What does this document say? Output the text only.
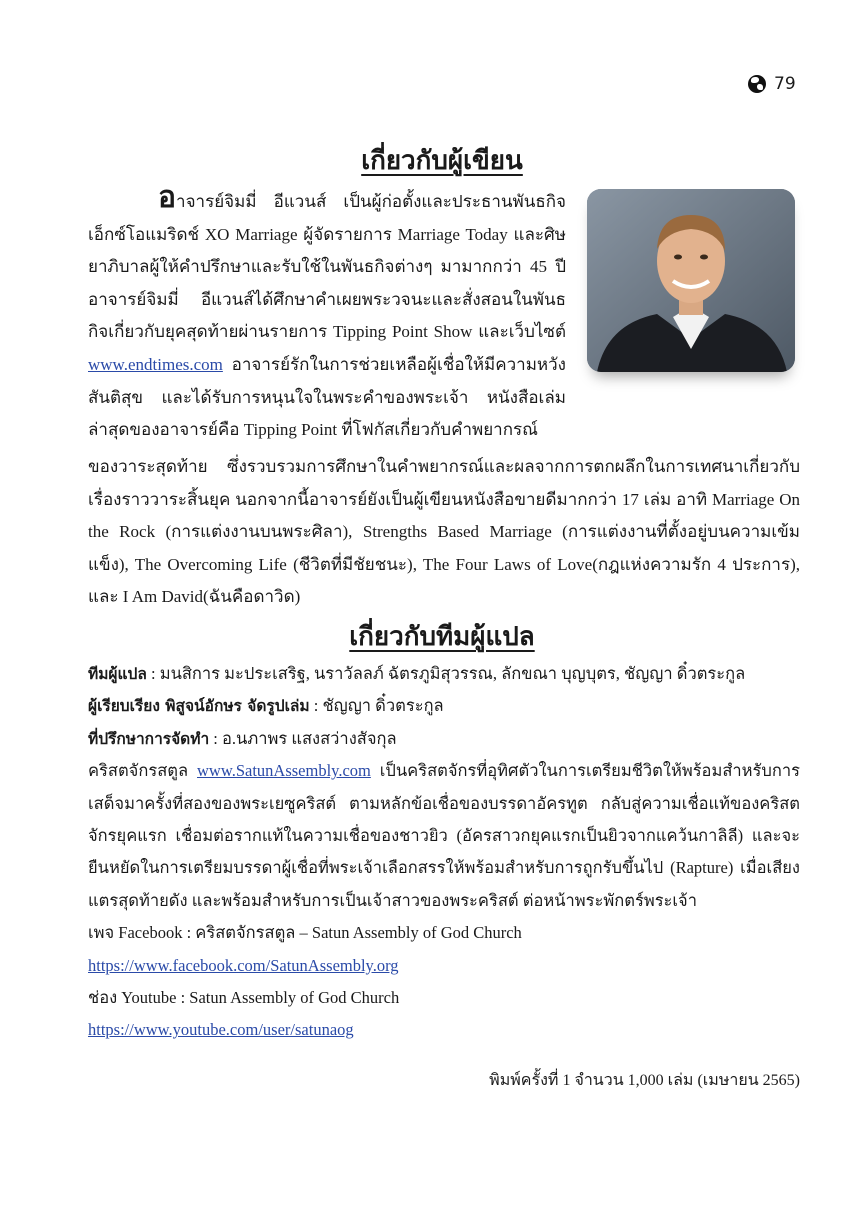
79
เกี่ยวกับผู้เขียน

อาจารย์จิมมี่ อีแวนส์ เป็นผู้ก่อตั้งและประธานพันธกิจเอ็กซ์โอแมริดช์ XO Marriage ผู้จัดรายการ Marriage Today และศิษยาภิบาลผู้ให้คำปรึกษาและรับใช้ในพันธกิจต่างๆ มามากกว่า 45 ปี อาจารย์จิมมี่ อีแวนส์ได้ศึกษาคำเผยพระวจนะและสั่งสอนในพันธกิจเกี่ยวกับยุคสุดท้ายผ่านรายการ Tipping Point Show และเว็บไซต์ www.endtimes.com อาจารย์รักในการช่วยเหลือผู้เชื่อให้มีความหวัง สันติสุข และได้รับการหนุนใจในพระคำของพระเจ้า หนังสือเล่มล่าสุดของอาจารย์คือ Tipping Point ที่โฟกัสเกี่ยวกับคำพยากรณ์

ของวาระสุดท้าย ซึ่งรวบรวมการศึกษาในคำพยากรณ์และผลจากการตกผลึกในการเทศนาเกี่ยวกับเรื่องราววาระสิ้นยุค นอกจากนี้อาจารย์ยังเป็นผู้เขียนหนังสือขายดีมากกว่า 17 เล่ม อาทิ Marriage On the Rock (การแต่งงานบนพระศิลา), Strengths Based Marriage (การแต่งงานที่ตั้งอยู่บนความเข้มแข็ง), The Overcoming Life (ชีวิตที่มีชัยชนะ), The Four Laws of Love(กฎแห่งความรัก 4 ประการ), และ I Am David(ฉันคือดาวิด)

เกี่ยวกับทีมผู้แปล

ทีมผู้แปล : มนสิการ มะประเสริฐ, นราวัลลภ์ ฉัตรภูมิสุวรรณ, ลักขณา บุญบุตร, ชัญญา ดิ๋วตระกูล

ผู้เรียบเรียง พิสูจน์อักษร จัดรูปเล่ม : ชัญญา ดิ๋วตระกูล

ที่ปรึกษาการจัดทำ : อ.นภาพร แสงสว่างสัจกุล

คริสตจักรสตูล www.SatunAssembly.com เป็นคริสตจักรที่อุทิศตัวในการเตรียมชีวิตให้พร้อมสำหรับการเสด็จมาครั้งที่สองของพระเยซูคริสต์ ตามหลักข้อเชื่อของบรรดาอัครทูต กลับสู่ความเชื่อแท้ของคริสตจักรยุคแรก เชื่อมต่อรากแท้ในความเชื่อของชาวยิว (อัครสาวกยุคแรกเป็นยิวจากแคว้นกาลิลี) และจะยืนหยัดในการเตรียมบรรดาผู้เชื่อที่พระเจ้าเลือกสรรให้พร้อมสำหรับการถูกรับขึ้นไป (Rapture) เมื่อเสียงแตรสุดท้ายดัง และพร้อมสำหรับการเป็นเจ้าสาวของพระคริสต์ ต่อหน้าพระพักตร์พระเจ้า

เพจ Facebook : คริสตจักรสตูล – Satun Assembly of God Church

https://www.facebook.com/SatunAssembly.org

ช่อง Youtube : Satun Assembly of God Church

https://www.youtube.com/user/satunaog

พิมพ์ครั้งที่ 1 จำนวน 1,000 เล่ม (เมษายน 2565)
